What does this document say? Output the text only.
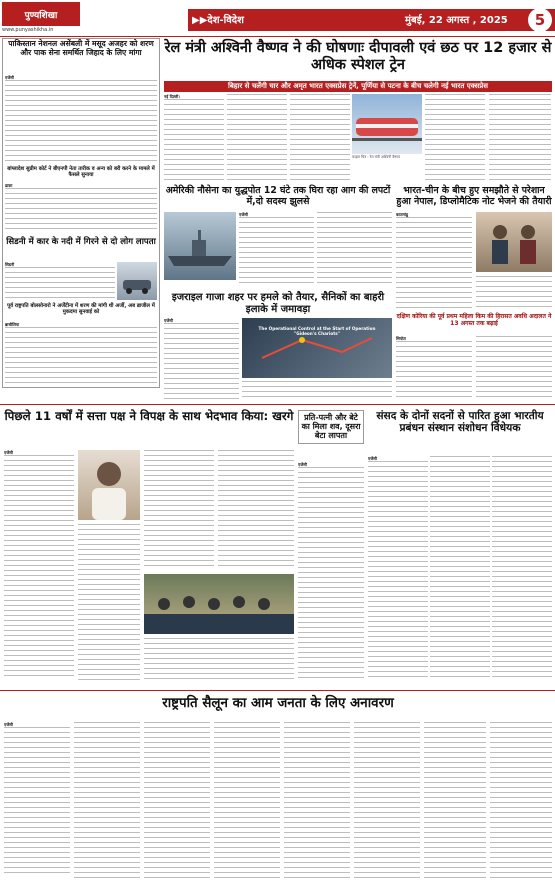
पुण्यशिखा
www.punyashikha.in
▶▶देश-विदेश	मुंबई, 22 अगस्त , 2025	5
पाकिस्तान नेशनल असेंबली में मसूद अजहर को शरण और पाक सेना समर्थित जिहाद के लिए मांगा
एजेंसी
बांग्लादेश सुप्रीम कोर्ट ने बीएनपी नेता तारीक व अन्य को बरी करने के मामले में फैसले सुनाया
ढाका
सिडनी में कार के नदी में गिरने से दो लोग लापता
सिडनी
पूर्व राष्ट्रपति बोलसोनारो ने अर्जेंटीना में शरण की मांगी थी अर्जी, अब ब्राजील में मुकदमा सुनवाई को
ब्रासीलिया
रेल मंत्री अश्विनी वैष्णव ने की घोषणाः दीपावली एवं छठ पर 12 हजार से अधिक स्पेशल ट्रेन
बिहार से चलेंगी चार और अमृत भारत एक्सप्रेस ट्रेनें, पूर्णिया से पटना के बीच चलेगी नई भारत एक्सप्रेस
नई दिल्ली।
फाइल चित्र : रेल मंत्री अश्विनी वैष्णव
अमेरिकी नौसेना का युद्धपोत 12 घंटे तक घिरा रहा आग की लपटों में,दो सदस्य झुलसे
एजेंसी
भारत-चीन के बीच हुए समझौते से परेशान हुआ नेपाल, डिप्लोमैटिक नोट भेजने की तैयारी
काठमांडू
इजराइल गाजा शहर पर हमले को तैयार, सैनिकों का बाहरी इलाके में जमावड़ा
एजेंसी
The Operational Control at the Start of Operation "Gideon's Chariots"
दक्षिण कोरिया की पूर्व प्रथम महिला किम की हिरासत अवधि अदालत ने 13 अगस्त तक बढ़ाई
सियोल
पिछले 11 वर्षों में सत्ता पक्ष ने विपक्ष के साथ भेदभाव किया: खरगे
एजेंसी
प्रति-पत्नी और बेटे का मिला शव, दूसरा बेटा लापता
एजेंसी
संसद के दोनों सदनों से पारित हुआ भारतीय प्रबंधन संस्थान संशोधन विधेयक
एजेंसी
राष्ट्रपति सैलून का आम जनता के लिए अनावरण
एजेंसी
